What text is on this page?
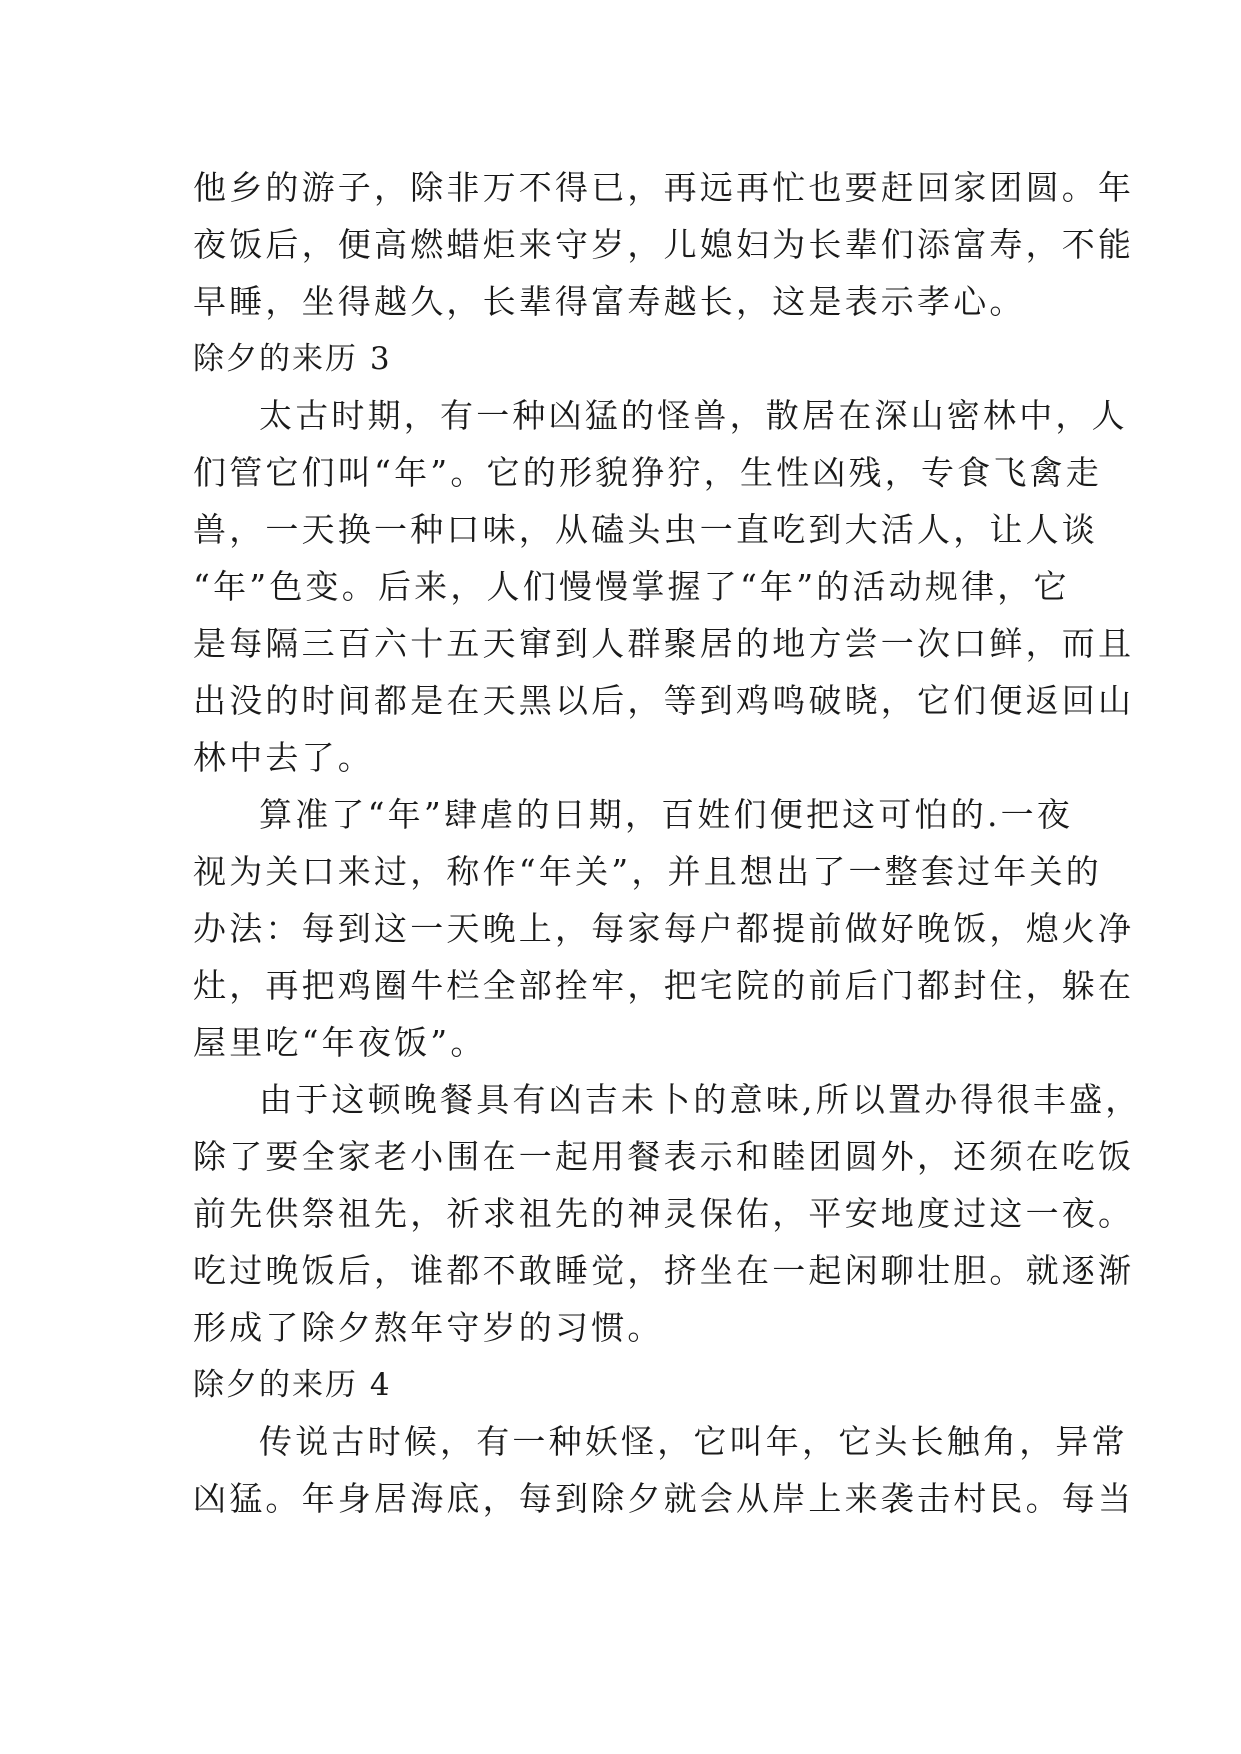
他乡的游子，除非万不得已，再远再忙也要赶回家团圆。年
夜饭后，便高燃蜡炬来守岁，儿媳妇为长辈们添富寿，不能
早睡，坐得越久，长辈得富寿越长，这是表示孝心。
除夕的来历 3
太古时期，有一种凶猛的怪兽，散居在深山密林中，人
们管它们叫“年”。它的形貌狰狞，生性凶残，专食飞禽走
兽，一天换一种口味，从磕头虫一直吃到大活人，让人谈
“年”色变。后来，人们慢慢掌握了“年”的活动规律，它
是每隔三百六十五天窜到人群聚居的地方尝一次口鲜，而且
出没的时间都是在天黑以后，等到鸡鸣破晓，它们便返回山
林中去了。
算准了“年”肆虐的日期，百姓们便把这可怕的.一夜
视为关口来过，称作“年关”，并且想出了一整套过年关的
办法：每到这一天晚上，每家每户都提前做好晚饭，熄火净
灶，再把鸡圈牛栏全部拴牢，把宅院的前后门都封住，躲在
屋里吃“年夜饭”。
由于这顿晚餐具有凶吉未卜的意味,所以置办得很丰盛，
除了要全家老小围在一起用餐表示和睦团圆外，还须在吃饭
前先供祭祖先，祈求祖先的神灵保佑，平安地度过这一夜。
吃过晚饭后，谁都不敢睡觉，挤坐在一起闲聊壮胆。就逐渐
形成了除夕熬年守岁的习惯。
除夕的来历 4
传说古时候，有一种妖怪，它叫年，它头长触角，异常
凶猛。年身居海底，每到除夕就会从岸上来袭击村民。每当
